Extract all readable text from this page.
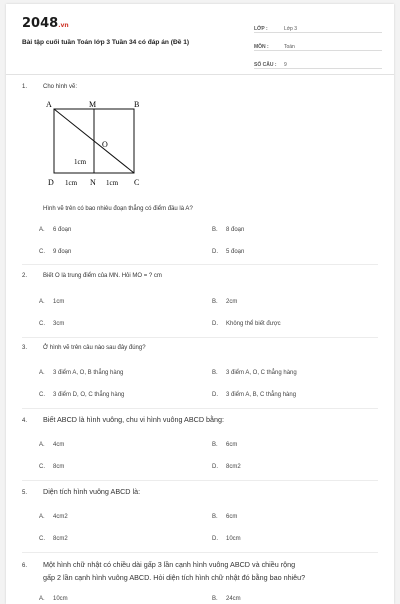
2048.vn
Bài tập cuối tuần Toán lớp 3 Tuần 34 có đáp án (Đề 1)
LỚP :	Lớp 3
MÔN :	Toán
SỐ CÂU :	9
1.	Cho hình vẽ:
A	M	B
O
D	N	C
1cm
1cm	1cm
Hình vẽ trên có bao nhiêu đoạn thẳng có điểm đầu là A?
A. 6 đoạn	B. 8 đoạn
C. 9 đoạn	D. 5 đoạn
2.	Biết O là trung điểm của MN. Hỏi MO = ? cm
A. 1cm	B. 2cm
C. 3cm	D. Không thể biết được
3.	Ở hình vẽ trên câu nào sau đây đúng?
A. 3 điểm A, O, B thẳng hàng	B. 3 điểm A, O, C thẳng hàng
C. 3 điểm D, O, C thẳng hàng	D. 3 điểm A, B, C thẳng hàng
4. Biết ABCD là hình vuông, chu vi hình vuông ABCD bằng:
A. 4cm	B. 6cm
C. 8cm	D. 8cm2
5. Diện tích hình vuông ABCD là:
A. 4cm2	B. 6cm
C. 8cm2	D. 10cm
6. Một hình chữ nhật có chiều dài gấp 3 lần cạnh hình vuông ABCD và chiều rộng
gấp 2 lần cạnh hình vuông ABCD. Hỏi diện tích hình chữ nhật đó bằng bao nhiêu?
A. 10cm	B. 24cm
